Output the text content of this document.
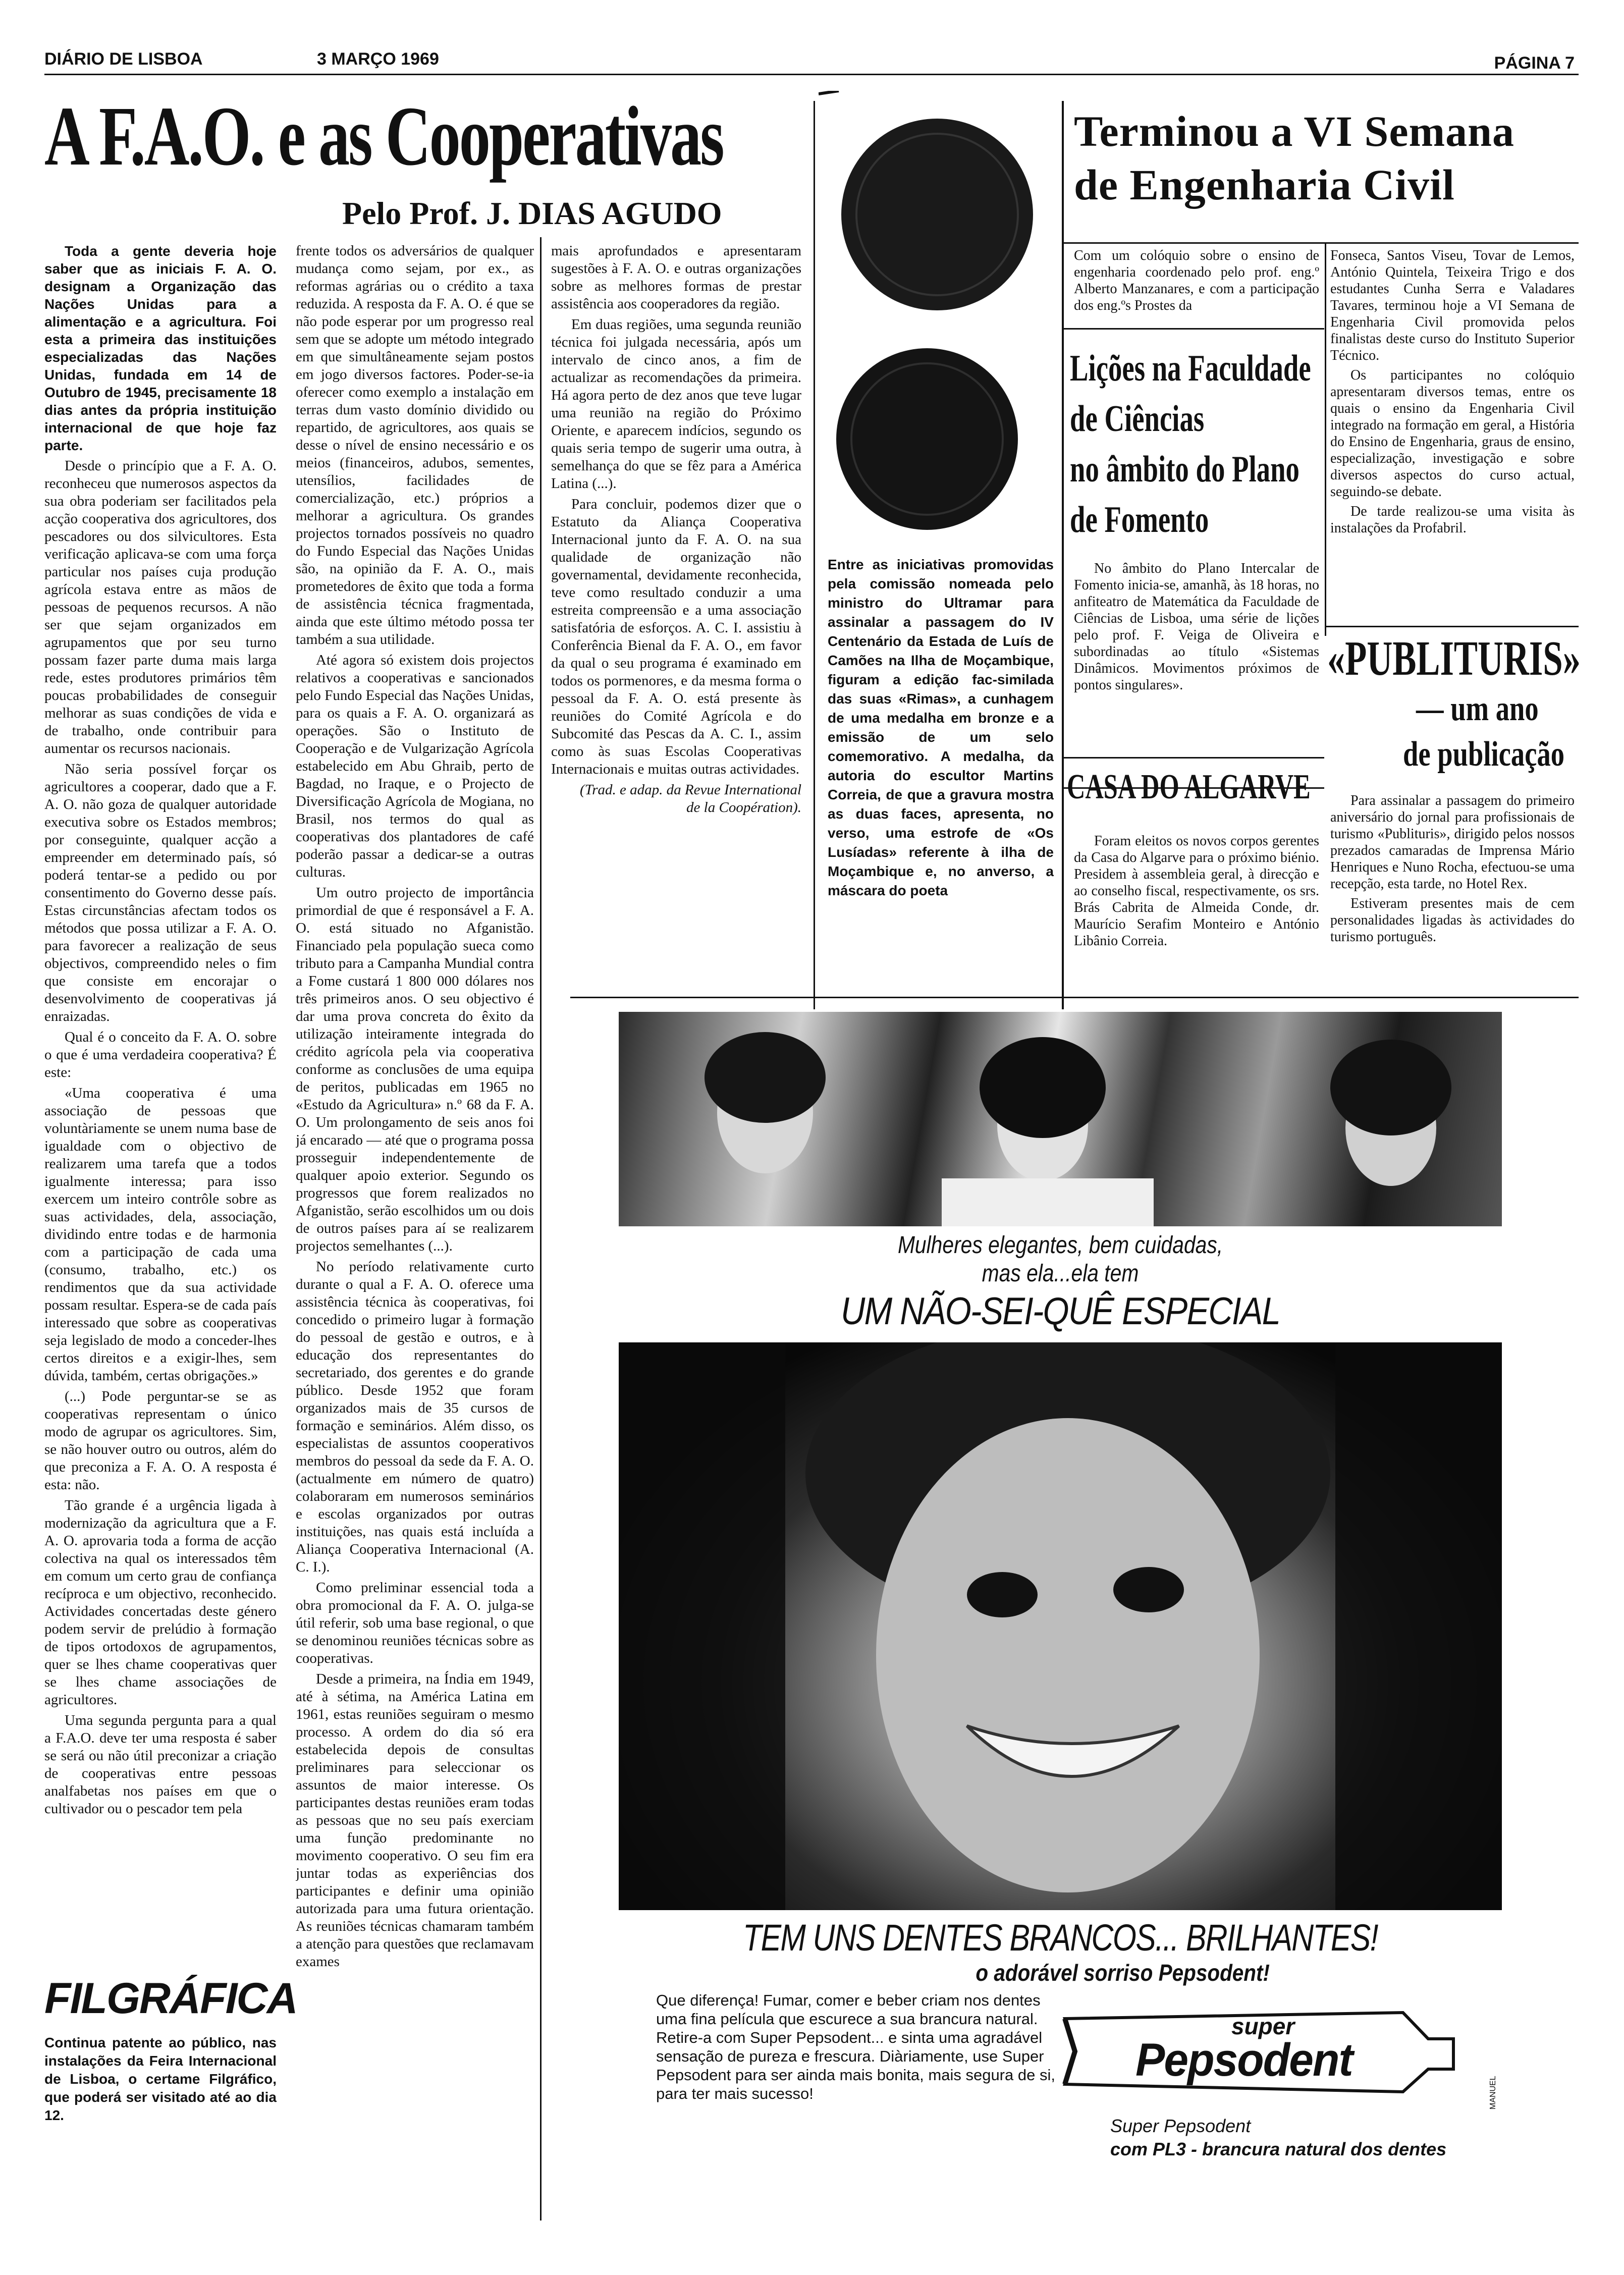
DIÁRIO DE LISBOA	3 MARÇO 1969	PÁGINA 7
A F.A.O. e as Cooperativas
Pelo Prof. J. DIAS AGUDO

Toda a gente deveria hoje saber que as iniciais F. A. O. designam a Organização das Nações Unidas para a alimentação e a agricultura. Foi esta a primeira das instituições especializadas das Nações Unidas, fundada em 14 de Outubro de 1945, precisamente 18 dias antes da própria instituição internacional de que hoje faz parte.

Desde o princípio que a F. A. O. reconheceu que numerosos aspectos da sua obra poderiam ser facilitados pela acção cooperativa dos agricultores, dos pescadores ou dos silvicultores. Esta verificação aplicava-se com uma força particular nos países cuja produção agrícola estava entre as mãos de pessoas de pequenos recursos. A não ser que sejam organizados em agrupamentos que por seu turno possam fazer parte duma mais larga rede, estes produtores primários têm poucas probabilidades de conseguir melhorar as suas condições de vida e de trabalho, onde contribuir para aumentar os recursos nacionais.

Não seria possível forçar os agricultores a cooperar, dado que a F. A. O. não goza de qualquer autoridade executiva sobre os Estados membros; por conseguinte, qualquer acção a empreender em determinado país, só poderá tentar-se a pedido ou por consentimento do Governo desse país. Estas circunstâncias afectam todos os métodos que possa utilizar a F. A. O. para favorecer a realização de seus objectivos, compreendido neles o fim que consiste em encorajar o desenvolvimento de cooperativas já enraizadas.

Qual é o conceito da F. A. O. sobre o que é uma verdadeira cooperativa? É este:

«Uma cooperativa é uma associação de pessoas que voluntàriamente se unem numa base de igualdade com o objectivo de realizarem uma tarefa que a todos igualmente interessa; para isso exercem um inteiro contrôle sobre as suas actividades, dela, associação, dividindo entre todas e de harmonia com a participação de cada uma (consumo, trabalho, etc.) os rendimentos que da sua actividade possam resultar. Espera-se de cada país interessado que sobre as cooperativas seja legislado de modo a conceder-lhes certos direitos e a exigir-lhes, sem dúvida, também, certas obrigações.»

(...) Pode perguntar-se se as cooperativas representam o único modo de agrupar os agricultores. Sim, se não houver outro ou outros, além do que preconiza a F. A. O. A resposta é esta: não.

Tão grande é a urgência ligada à modernização da agricultura que a F. A. O. aprovaria toda a forma de acção colectiva na qual os interessados têm em comum um certo grau de confiança recíproca e um objectivo, reconhecido. Actividades concertadas deste género podem servir de prelúdio à formação de tipos ortodoxos de agrupamentos, quer se lhes chame cooperativas quer se lhes chame associações de agricultores.

Uma segunda pergunta para a qual a F.A.O. deve ter uma resposta é saber se será ou não útil preconizar a criação de cooperativas entre pessoas analfabetas nos países em que o cultivador ou o pescador tem pela

frente todos os adversários de qualquer mudança como sejam, por ex., as reformas agrárias ou o crédito a taxa reduzida. A resposta da F. A. O. é que se não pode esperar por um progresso real sem que se adopte um método integrado em que simultâneamente sejam postos em jogo diversos factores. Poder-se-ia oferecer como exemplo a instalação em terras dum vasto domínio dividido ou repartido, de agricultores, aos quais se desse o nível de ensino necessário e os meios (financeiros, adubos, sementes, utensílios, facilidades de comercialização, etc.) próprios a melhorar a agricultura. Os grandes projectos tornados possíveis no quadro do Fundo Especial das Nações Unidas são, na opinião da F. A. O., mais prometedores de êxito que toda a forma de assistência técnica fragmentada, ainda que este último método possa ter também a sua utilidade.

Até agora só existem dois projectos relativos a cooperativas e sancionados pelo Fundo Especial das Nações Unidas, para os quais a F. A. O. organizará as operações. São o Instituto de Cooperação e de Vulgarização Agrícola estabelecido em Abu Ghraib, perto de Bagdad, no Iraque, e o Projecto de Diversificação Agrícola de Mogiana, no Brasil, nos termos do qual as cooperativas dos plantadores de café poderão passar a dedicar-se a outras culturas.

Um outro projecto de importância primordial de que é responsável a F. A. O. está situado no Afganistão. Financiado pela população sueca como tributo para a Campanha Mundial contra a Fome custará 1 800 000 dólares nos três primeiros anos. O seu objectivo é dar uma prova concreta do êxito da utilização inteiramente integrada do crédito agrícola pela via cooperativa conforme as conclusões de uma equipa de peritos, publicadas em 1965 no «Estudo da Agricultura» n.º 68 da F. A. O. Um prolongamento de seis anos foi já encarado — até que o programa possa prosseguir independentemente de qualquer apoio exterior. Segundo os progressos que forem realizados no Afganistão, serão escolhidos um ou dois de outros países para aí se realizarem projectos semelhantes (...).

No período relativamente curto durante o qual a F. A. O. oferece uma assistência técnica às cooperativas, foi concedido o primeiro lugar à formação do pessoal de gestão e outros, e à educação dos representantes do secretariado, dos gerentes e do grande público. Desde 1952 que foram organizados mais de 35 cursos de formação e seminários. Além disso, os especialistas de assuntos cooperativos membros do pessoal da sede da F. A. O. (actualmente em número de quatro) colaboraram em numerosos seminários e escolas organizados por outras instituições, nas quais está incluída a Aliança Cooperativa Internacional (A. C. I.).

Como preliminar essencial toda a obra promocional da F. A. O. julga-se útil referir, sob uma base regional, o que se denominou reuniões técnicas sobre as cooperativas.

Desde a primeira, na Índia em 1949, até à sétima, na América Latina em 1961, estas reuniões seguiram o mesmo processo. A ordem do dia só era estabelecida depois de consultas preliminares para seleccionar os assuntos de maior interesse. Os participantes destas reuniões eram todas as pessoas que no seu país exerciam uma função predominante no movimento cooperativo. O seu fim era juntar todas as experiências dos participantes e definir uma opinião autorizada para uma futura orientação. As reuniões técnicas chamaram também a atenção para questões que reclamavam exames

mais aprofundados e apresentaram sugestões à F. A. O. e outras organizações sobre as melhores formas de prestar assistência aos cooperadores da região.

Em duas regiões, uma segunda reunião técnica foi julgada necessária, após um intervalo de cinco anos, a fim de actualizar as recomendações da primeira. Há agora perto de dez anos que teve lugar uma reunião na região do Próximo Oriente, e aparecem indícios, segundo os quais seria tempo de sugerir uma outra, à semelhança do que se fêz para a América Latina (...).

Para concluir, podemos dizer que o Estatuto da Aliança Cooperativa Internacional junto da F. A. O. na sua qualidade de organização não governamental, devidamente reconhecida, teve como resultado conduzir a uma estreita compreensão e a uma associação satisfatória de esforços. A. C. I. assistiu à Conferência Bienal da F. A. O., em favor da qual o seu programa é examinado em todos os pormenores, e da mesma forma o pessoal da F. A. O. está presente às reuniões do Comité Agrícola e do Subcomité das Pescas da A. C. I., assim como às suas Escolas Cooperativas Internacionais e muitas outras actividades.

(Trad. e adap. da Revue International de la Coopération).

FILGRÁFICA
Continua patente ao público, nas instalações da Feira Internacional de Lisboa, o certame Filgráfico, que poderá ser visitado até ao dia 12.
Entre as iniciativas promovidas pela comissão nomeada pelo ministro do Ultramar para assinalar a passagem do IV Centenário da Estada de Luís de Camões na Ilha de Moçambique, figuram a edição fac-similada das suas «Rimas», a cunhagem de uma medalha em bronze e a emissão de um selo comemorativo. A medalha, da autoria do escultor Martins Correia, de que a gravura mostra as duas faces, apresenta, no verso, uma estrofe de «Os Lusíadas» referente à ilha de Moçambique e, no anverso, a máscara do poeta
Terminou a VI Semana
de Engenharia Civil
Com um colóquio sobre o ensino de engenharia coordenado pelo prof. eng.º Alberto Manzanares, e com a participação dos eng.ºs Prostes da

Fonseca, Santos Viseu, Tovar de Lemos, António Quintela, Teixeira Trigo e dos estudantes Cunha Serra e Valadares Tavares, terminou hoje a VI Semana de Engenharia Civil promovida pelos finalistas deste curso do Instituto Superior Técnico.

Os participantes no colóquio apresentaram diversos temas, entre os quais o ensino da Engenharia Civil integrado na formação em geral, a História do Ensino de Engenharia, graus de ensino, especialização, investigação e sobre diversos aspectos do curso actual, seguindo-se debate.

De tarde realizou-se uma visita às instalações da Profabril.

Lições na Faculdade
de Ciências
no âmbito do Plano
de Fomento
No âmbito do Plano Intercalar de Fomento inicia-se, amanhã, às 18 horas, no anfiteatro de Matemática da Faculdade de Ciências de Lisboa, uma série de lições pelo prof. F. Veiga de Oliveira e subordinadas ao título «Sistemas Dinâmicos. Movimentos próximos de pontos singulares».
CASA DO ALGARVE
Foram eleitos os novos corpos gerentes da Casa do Algarve para o próximo biénio. Presidem à assembleia geral, à direcção e ao conselho fiscal, respectivamente, os srs. Brás Cabrita de Almeida Conde, dr. Maurício Serafim Monteiro e António Libânio Correia.
«PUBLITURIS»
— um ano
de publicação

Para assinalar a passagem do primeiro aniversário do jornal para profissionais de turismo «Publituris», dirigido pelos nossos prezados camaradas de Imprensa Mário Henriques e Nuno Rocha, efectuou-se uma recepção, esta tarde, no Hotel Rex.

Estiveram presentes mais de cem personalidades ligadas às actividades do turismo português.

Mulheres elegantes, bem cuidadas,
mas ela...ela tem
UM NÃO-SEI-QUÊ ESPECIAL
TEM UNS DENTES BRANCOS... BRILHANTES!
o adorável sorriso Pepsodent!
Que diferença! Fumar, comer e beber criam nos dentes uma fina película que escurece a sua brancura natural. Retire-a com Super Pepsodent... e sinta uma agradável sensação de pureza e frescura. Diàriamente, use Super Pepsodent para ser ainda mais bonita, mais segura de si, para ter mais sucesso!
super
Pepsodent
Super Pepsodent
com PL3 - brancura natural dos dentes
MANUEL
